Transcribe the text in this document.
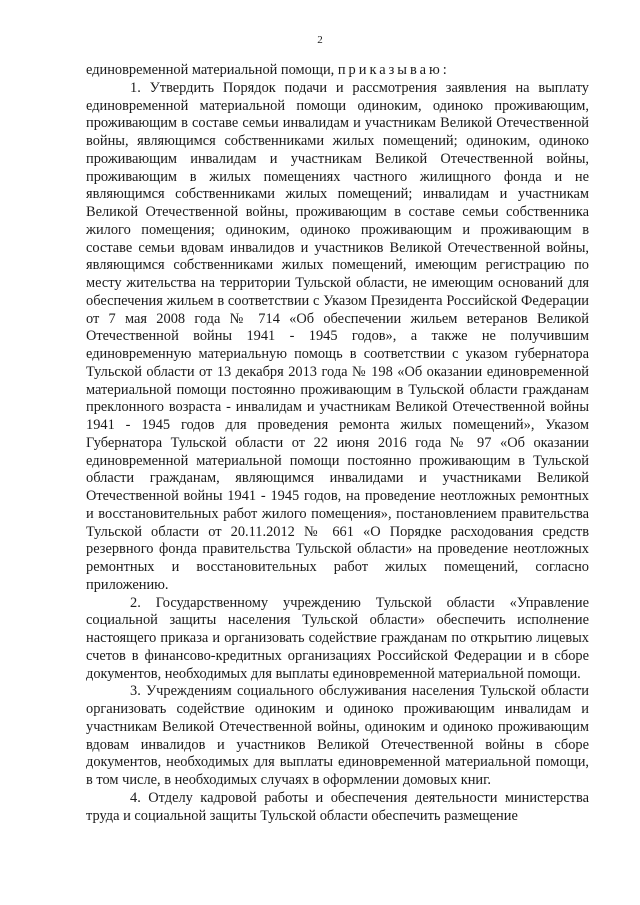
2

единовременной материальной помощи, приказываю:

1. Утвердить Порядок подачи и рассмотрения заявления на выплату единовременной материальной помощи одиноким, одиноко проживающим, проживающим в составе семьи инвалидам и участникам Великой Отечественной войны, являющимся собственниками жилых помещений; одиноким, одиноко проживающим инвалидам и участникам Великой Отечественной войны, проживающим в жилых помещениях частного жилищного фонда и не являющимся собственниками жилых помещений; инвалидам и участникам Великой Отечественной войны, проживающим в составе семьи собственника жилого помещения; одиноким, одиноко проживающим и проживающим в составе семьи вдовам инвалидов и участников Великой Отечественной войны, являющимся собственниками жилых помещений, имеющим регистрацию по месту жительства на территории Тульской области, не имеющим оснований для обеспечения жильем в соответствии с Указом Президента Российской Федерации от 7 мая 2008 года № 714 «Об обеспечении жильем ветеранов Великой Отечественной войны 1941 - 1945 годов», а также не получившим единовременную материальную помощь в соответствии с указом губернатора Тульской области от 13 декабря 2013 года № 198 «Об оказании единовременной материальной помощи постоянно проживающим в Тульской области гражданам преклонного возраста - инвалидам и участникам Великой Отечественной войны 1941 - 1945 годов для проведения ремонта жилых помещений», Указом Губернатора Тульской области от 22 июня 2016 года № 97 «Об оказании единовременной материальной помощи постоянно проживающим в Тульской области гражданам, являющимся инвалидами и участниками Великой Отечественной войны 1941 - 1945 годов, на проведение неотложных ремонтных и восстановительных работ жилого помещения», постановлением правительства Тульской области от 20.11.2012 № 661 «О Порядке расходования средств резервного фонда правительства Тульской области» на проведение неотложных ремонтных и восстановительных работ жилых помещений, согласно приложению.

2. Государственному учреждению Тульской области «Управление социальной защиты населения Тульской области» обеспечить исполнение настоящего приказа и организовать содействие гражданам по открытию лицевых счетов в финансово-кредитных организациях Российской Федерации и в сборе документов, необходимых для выплаты единовременной материальной помощи.

3. Учреждениям социального обслуживания населения Тульской области организовать содействие одиноким и одиноко проживающим инвалидам и участникам Великой Отечественной войны, одиноким и одиноко проживающим вдовам инвалидов и участников Великой Отечественной войны в сборе документов, необходимых для выплаты единовременной материальной помощи, в том числе, в необходимых случаях в оформлении домовых книг.

4. Отделу кадровой работы и обеспечения деятельности министерства труда и социальной защиты Тульской области обеспечить размещение
